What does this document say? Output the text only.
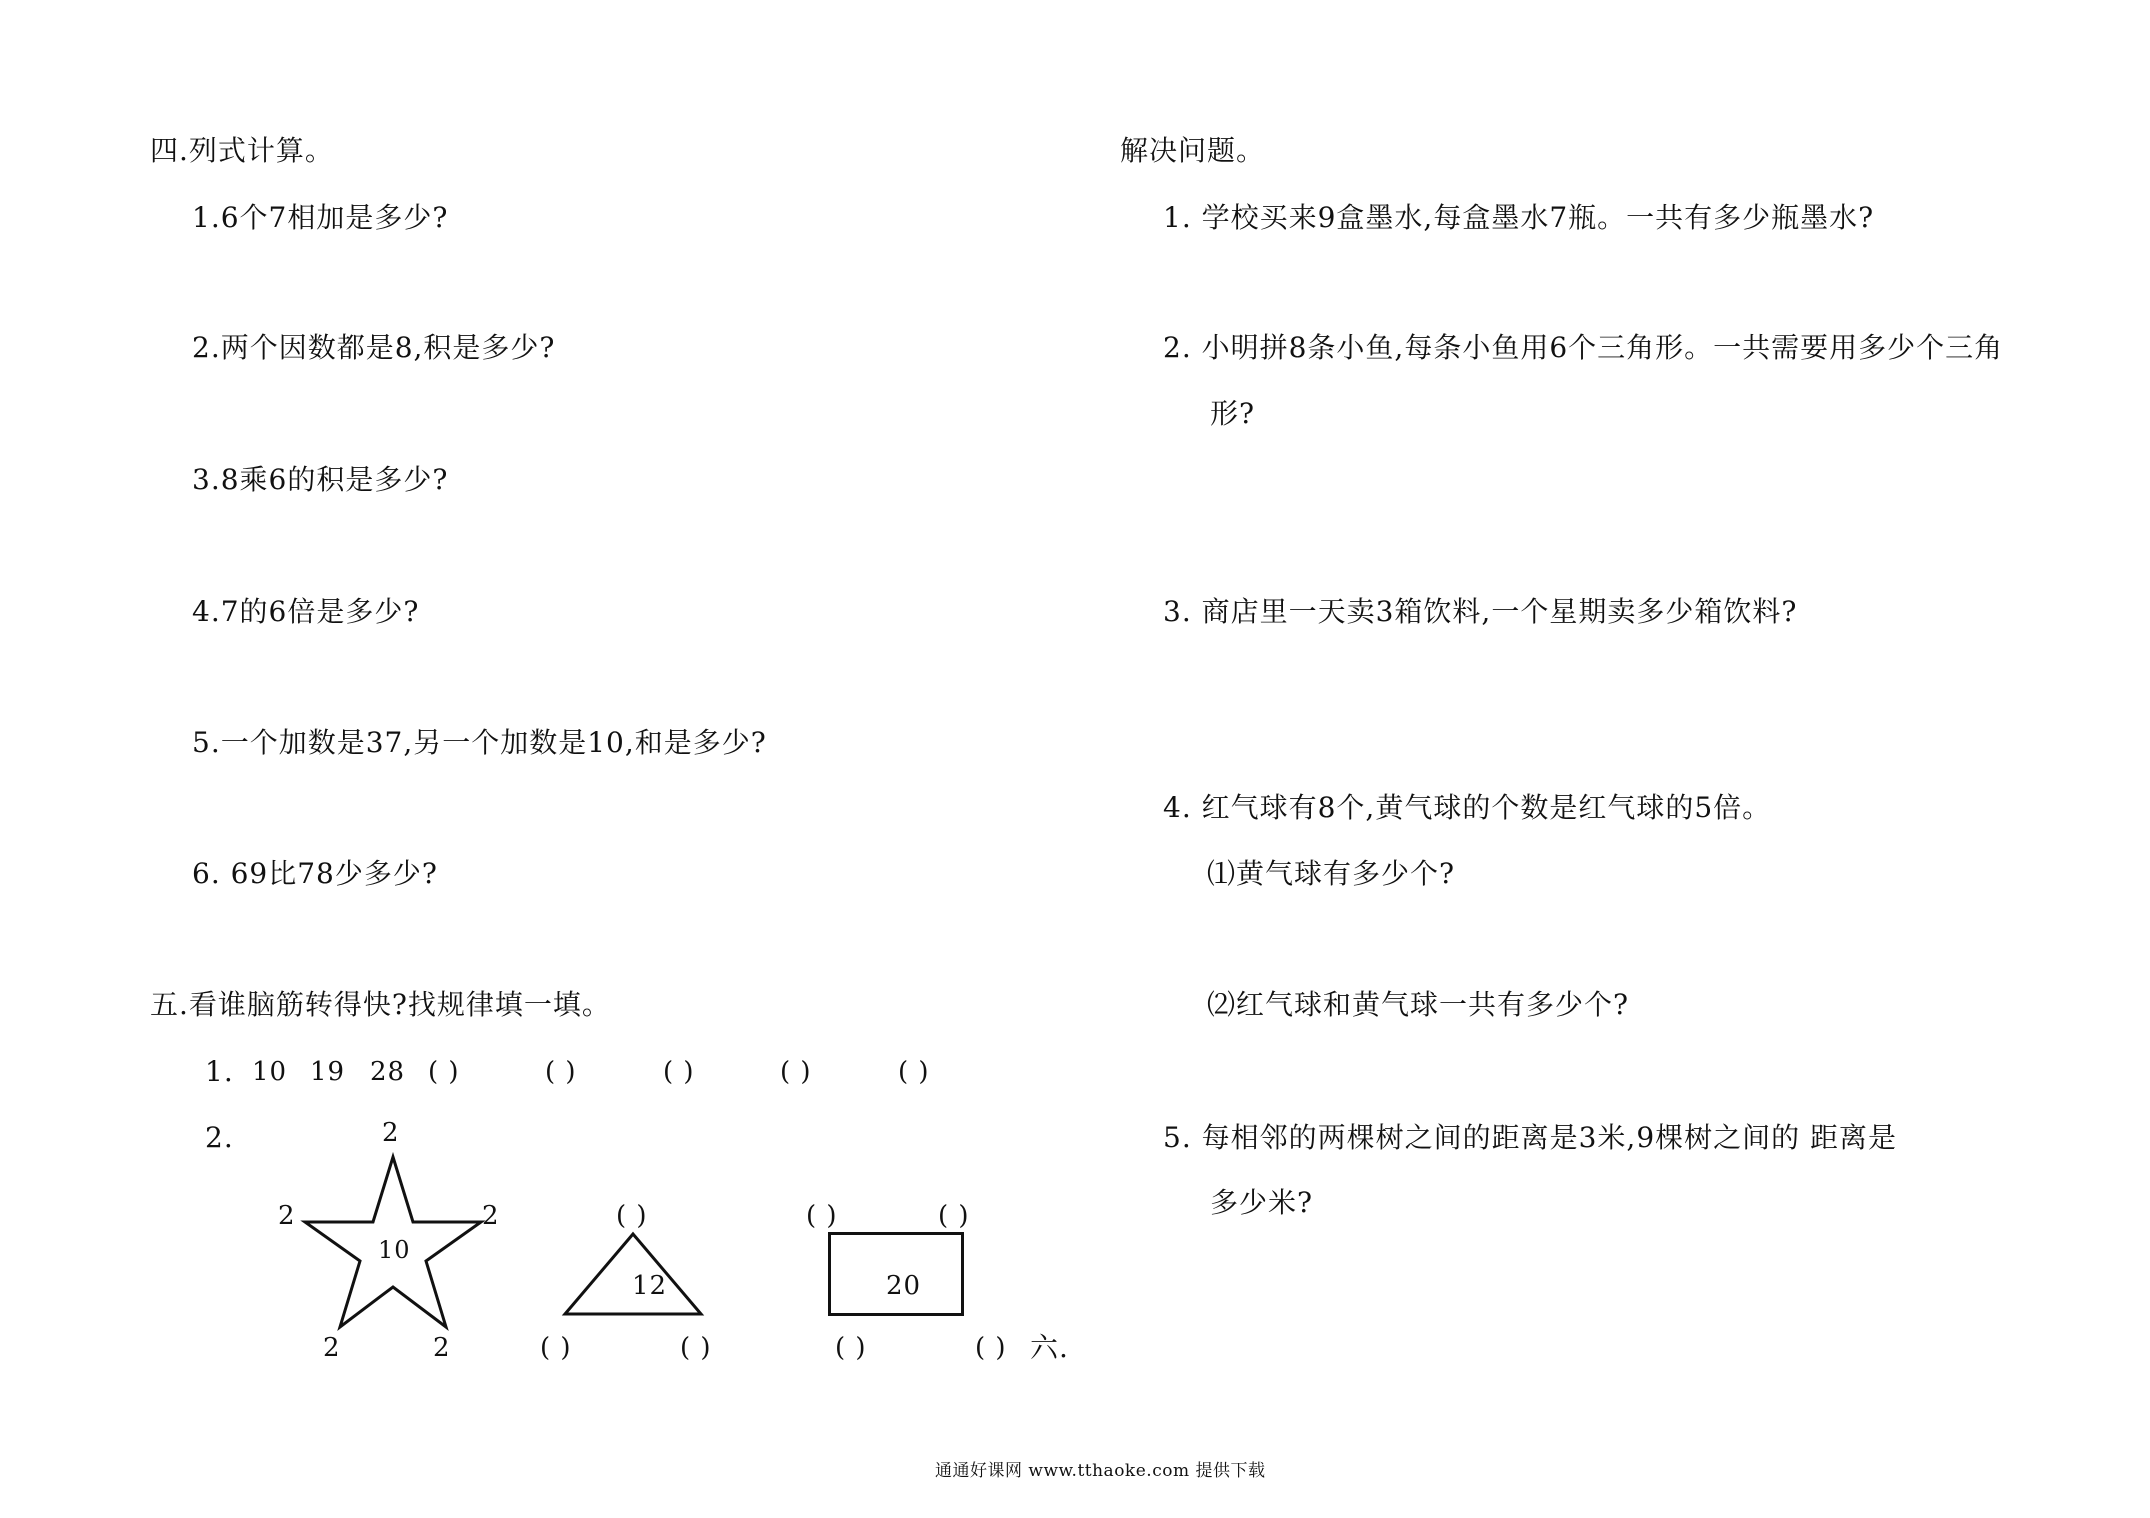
四.列式计算。
1.6个7相加是多少?
2.两个因数都是8,积是多少?
3.8乘6的积是多少?
4.7的6倍是多少?
5.一个加数是37,另一个加数是10,和是多少?
6. 69比78少多少?
五.看谁脑筋转得快?找规律填一填。
1. 10 19 28 ( )	( )	( )	( )	( )
2.	2
2	2
10
2	2
( )
12
( )	( )
( )	( )
20
( )	( ) 六.
解决问题。
1. 学校买来9盒墨水,每盒墨水7瓶。一共有多少瓶墨水?
2. 小明拼8条小鱼,每条小鱼用6个三角形。一共需要用多少个三角
形?
3. 商店里一天卖3箱饮料,一个星期卖多少箱饮料?
4. 红气球有8个,黄气球的个数是红气球的5倍。
⑴黄气球有多少个?
⑵红气球和黄气球一共有多少个?
5. 每相邻的两棵树之间的距离是3米,9棵树之间的 距离是
多少米?
通通好课网 www.tthaoke.com 提供下载
